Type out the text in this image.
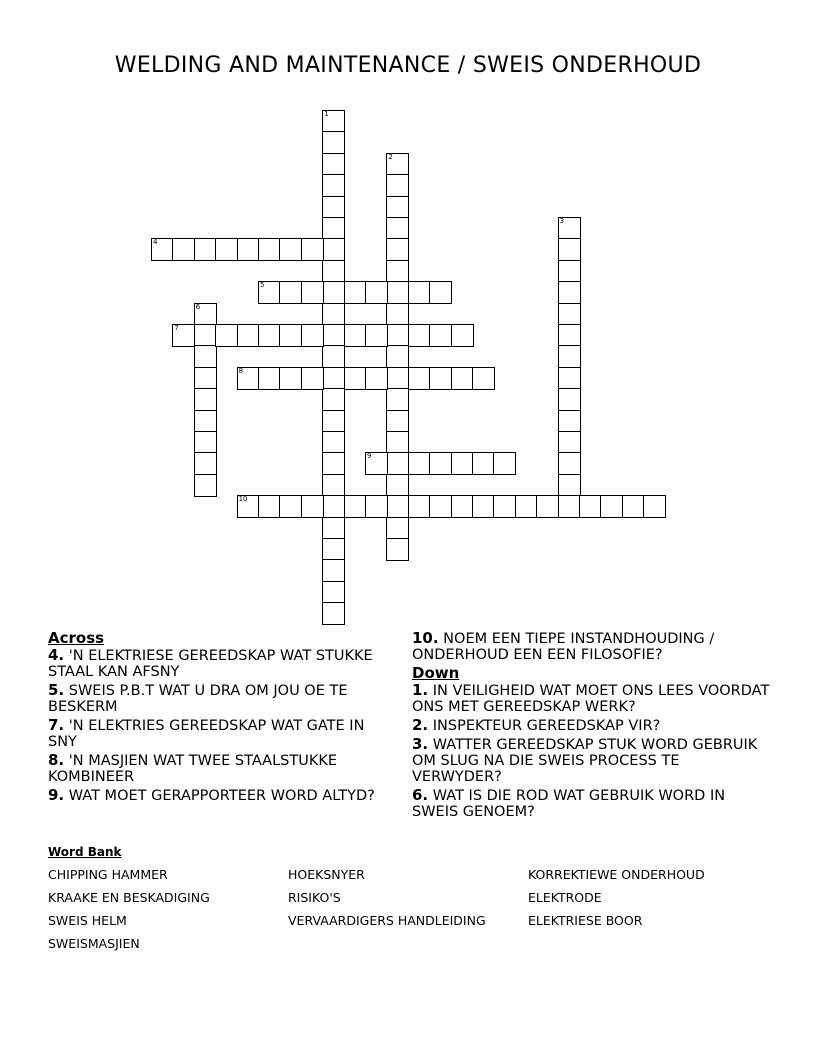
WELDING AND MAINTENANCE / SWEIS ONDERHOUD
1
2
3
4
5
6
7
8
9
10
Across
4. 'N ELEKTRIESE GEREEDSKAP WAT STUKKE STAAL KAN AFSNY
5. SWEIS P.B.T WAT U DRA OM JOU OE TE BESKERM
7. 'N ELEKTRIES GEREEDSKAP WAT GATE IN SNY
8. 'N MASJIEN WAT TWEE STAALSTUKKE KOMBINEER
9. WAT MOET GERAPPORTEER WORD ALTYD?
10. NOEM EEN TIEPE INSTANDHOUDING / ONDERHOUD EEN EEN FILOSOFIE?
Down
1. IN VEILIGHEID WAT MOET ONS LEES VOORDAT ONS MET GEREEDSKAP WERK?
2. INSPEKTEUR GEREEDSKAP VIR?
3. WATTER GEREEDSKAP STUK WORD GEBRUIK OM SLUG NA DIE SWEIS PROCESS TE VERWYDER?
6. WAT IS DIE ROD WAT GEBRUIK WORD IN SWEIS GENOEM?
Word Bank
CHIPPING HAMMER	HOEKSNYER	KORREKTIEWE ONDERHOUD
KRAAKE EN BESKADIGING	RISIKO'S	ELEKTRODE
SWEIS HELM	VERVAARDIGERS HANDLEIDING	ELEKTRIESE BOOR
SWEISMASJIEN
